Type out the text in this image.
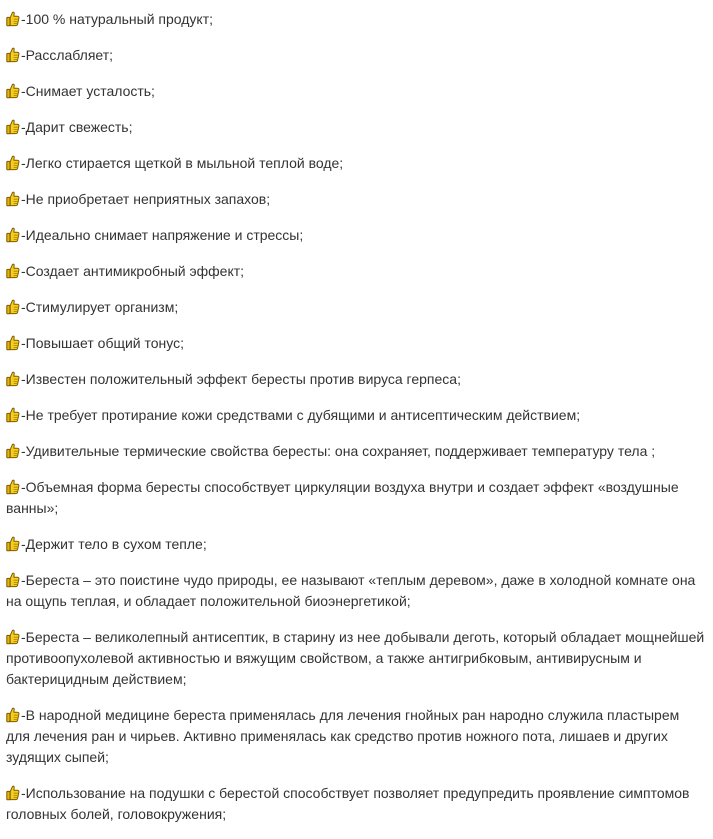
-100 % натуральный продукт;
-Расслабляет;
-Снимает усталость;
-Дарит свежесть;
-Легко стирается щеткой в мыльной теплой воде;
-Не приобретает неприятных запахов;
-Идеально снимает напряжение и стрессы;
-Создает антимикробный эффект;
-Стимулирует организм;
-Повышает общий тонус;
-Известен положительный эффект бересты против вируса герпеса;
-Не требует протирание кожи средствами с дубящими и антисептическим действием;
-Удивительные термические свойства бересты: она сохраняет, поддерживает температуру тела ;
-Объемная форма бересты способствует циркуляции воздуха внутри и создает эффект «воздушные ванны»;
-Держит тело в сухом тепле;
-Береста – это поистине чудо природы, ее называют «теплым деревом», даже в холодной комнате она на ощупь теплая, и обладает положительной биоэнергетикой;
-Береста – великолепный антисептик, в старину из нее добывали деготь, который обладает мощнейшей противоопухолевой активностью и вяжущим свойством, а также антигрибковым, антивирусным и бактерицидным действием;
-В народной медицине береста применялась для лечения гнойных ран народно служила пластырем для лечения ран и чирьев. Активно применялась как средство против ножного пота, лишаев и других зудящих сыпей;
-Использование на подушки с берестой способствует позволяет предупредить проявление симптомов головных болей, головокружения;
